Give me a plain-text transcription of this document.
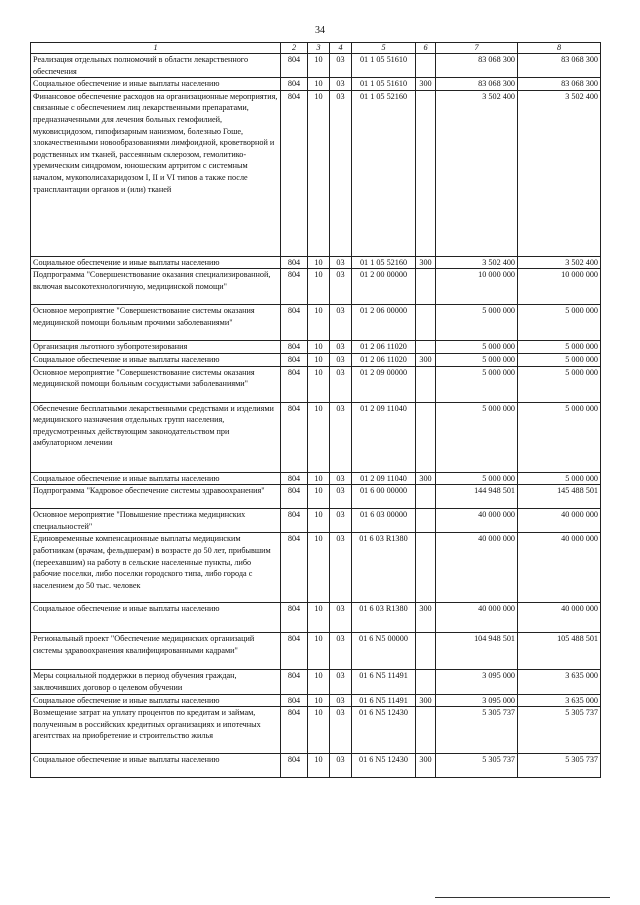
34
1	2	3	4	5	6	7	8
Реализация отдельных полномочий в области лекарственного обеспечения	804	10	03	01 1 05 51610		83 068 300	83 068 300
Социальное обеспечение и иные выплаты населению	804	10	03	01 1 05 51610	300	83 068 300	83 068 300
Финансовое обеспечение расходов на организационные мероприятия, связанные с обеспечением лиц лекарственными препаратами, предназначенными для лечения больных гемофилией, муковисцидозом, гипофизарным нанизмом, болезнью Гоше, злокачественными новообразованиями лимфоидной, кроветворной и родственных им тканей, рассеянным склерозом, гемолитико-уремическим синдромом, юношеским артритом с системным началом, мукополисахаридозом I, II и VI типов а также после трансплантации органов и (или) тканей	804	10	03	01 1 05 52160		3 502 400	3 502 400
Социальное обеспечение и иные выплаты населению	804	10	03	01 1 05 52160	300	3 502 400	3 502 400
Подпрограмма "Совершенствование оказания специализированной, включая высокотехнологичную, медицинской помощи"	804	10	03	01 2 00 00000		10 000 000	10 000 000
Основное мероприятие "Совершенствование системы оказания медицинской помощи больным прочими заболеваниями"	804	10	03	01 2 06 00000		5 000 000	5 000 000
Организация льготного зубопротезирования	804	10	03	01 2 06 11020		5 000 000	5 000 000
Социальное обеспечение и иные выплаты населению	804	10	03	01 2 06 11020	300	5 000 000	5 000 000
Основное мероприятие "Совершенствование системы оказания медицинской помощи больным сосудистыми заболеваниями"	804	10	03	01 2 09 00000		5 000 000	5 000 000
Обеспечение бесплатными лекарственными средствами и изделиями медицинского назначения отдельных групп населения, предусмотренных действующим законодательством при амбулаторном лечении	804	10	03	01 2 09 11040		5 000 000	5 000 000
Социальное обеспечение и иные выплаты населению	804	10	03	01 2 09 11040	300	5 000 000	5 000 000
Подпрограмма "Кадровое обеспечение системы здравоохранения"	804	10	03	01 6 00 00000		144 948 501	145 488 501
Основное мероприятие "Повышение престижа медицинских специальностей"	804	10	03	01 6 03 00000		40 000 000	40 000 000
Единовременные компенсационные выплаты медицинским работникам (врачам, фельдшерам) в возрасте до 50 лет, прибывшим (переехавшим) на работу в сельские населенные пункты, либо рабочие поселки, либо поселки городского типа, либо города с населением до 50 тыс. человек	804	10	03	01 6 03 R1380		40 000 000	40 000 000
Социальное обеспечение и иные выплаты населению	804	10	03	01 6 03 R1380	300	40 000 000	40 000 000
Региональный проект "Обеспечение медицинских организаций системы здравоохранения квалифицированными кадрами"	804	10	03	01 6 N5 00000		104 948 501	105 488 501
Меры социальной поддержки в период обучения граждан, заключивших договор о целевом обучении	804	10	03	01 6 N5 11491		3 095 000	3 635 000
Социальное обеспечение и иные выплаты населению	804	10	03	01 6 N5 11491	300	3 095 000	3 635 000
Возмещение затрат на уплату процентов по кредитам и займам, полученным в российских кредитных организациях и ипотечных агентствах на приобретение и строительство жилья	804	10	03	01 6 N5 12430		5 305 737	5 305 737
Социальное обеспечение и иные выплаты населению	804	10	03	01 6 N5 12430	300	5 305 737	5 305 737
